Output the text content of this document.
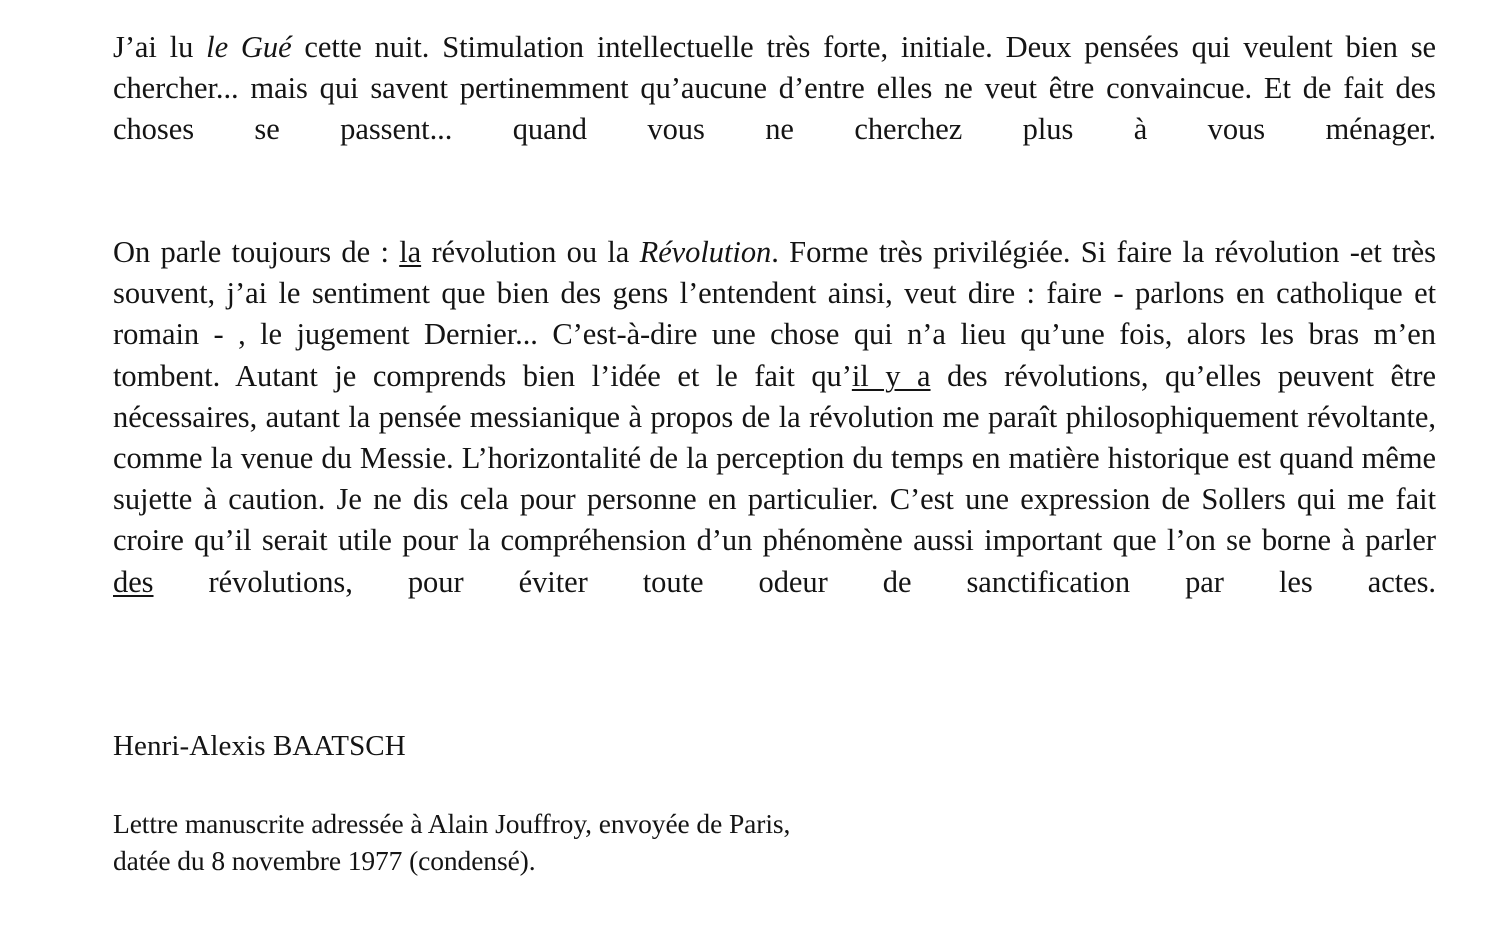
J’ai lu le Gué cette nuit. Stimulation intellectuelle très forte, initiale. Deux pensées qui veulent bien se chercher... mais qui savent pertinemment qu’aucune d’entre elles ne veut être convaincue. Et de fait des choses se passent... quand vous ne cherchez plus à vous ménager.

On parle toujours de : la révolution ou la Révolution. Forme très privilégiée. Si faire la révolution -et très souvent, j’ai le sentiment que bien des gens l’entendent ainsi, veut dire : faire - parlons en catholique et romain - , le jugement Dernier... C’est-à-dire une chose qui n’a lieu qu’une fois, alors les bras m’en tombent. Autant je comprends bien l’idée et le fait qu’il y a des révolutions, qu’elles peuvent être nécessaires, autant la pensée messianique à propos de la révolution me paraît philosophiquement révoltante, comme la venue du Messie. L’horizontalité de la perception du temps en matière historique est quand même sujette à caution. Je ne dis cela pour personne en particulier. C’est une expression de Sollers qui me fait croire qu’il serait utile pour la compréhension d’un phénomène aussi important que l’on se borne à parler des révolutions, pour éviter toute odeur de sanctification par les actes.

Henri-Alexis BAATSCH
Lettre manuscrite adressée à Alain Jouffroy, envoyée de Paris,
datée du 8 novembre 1977 (condensé).
